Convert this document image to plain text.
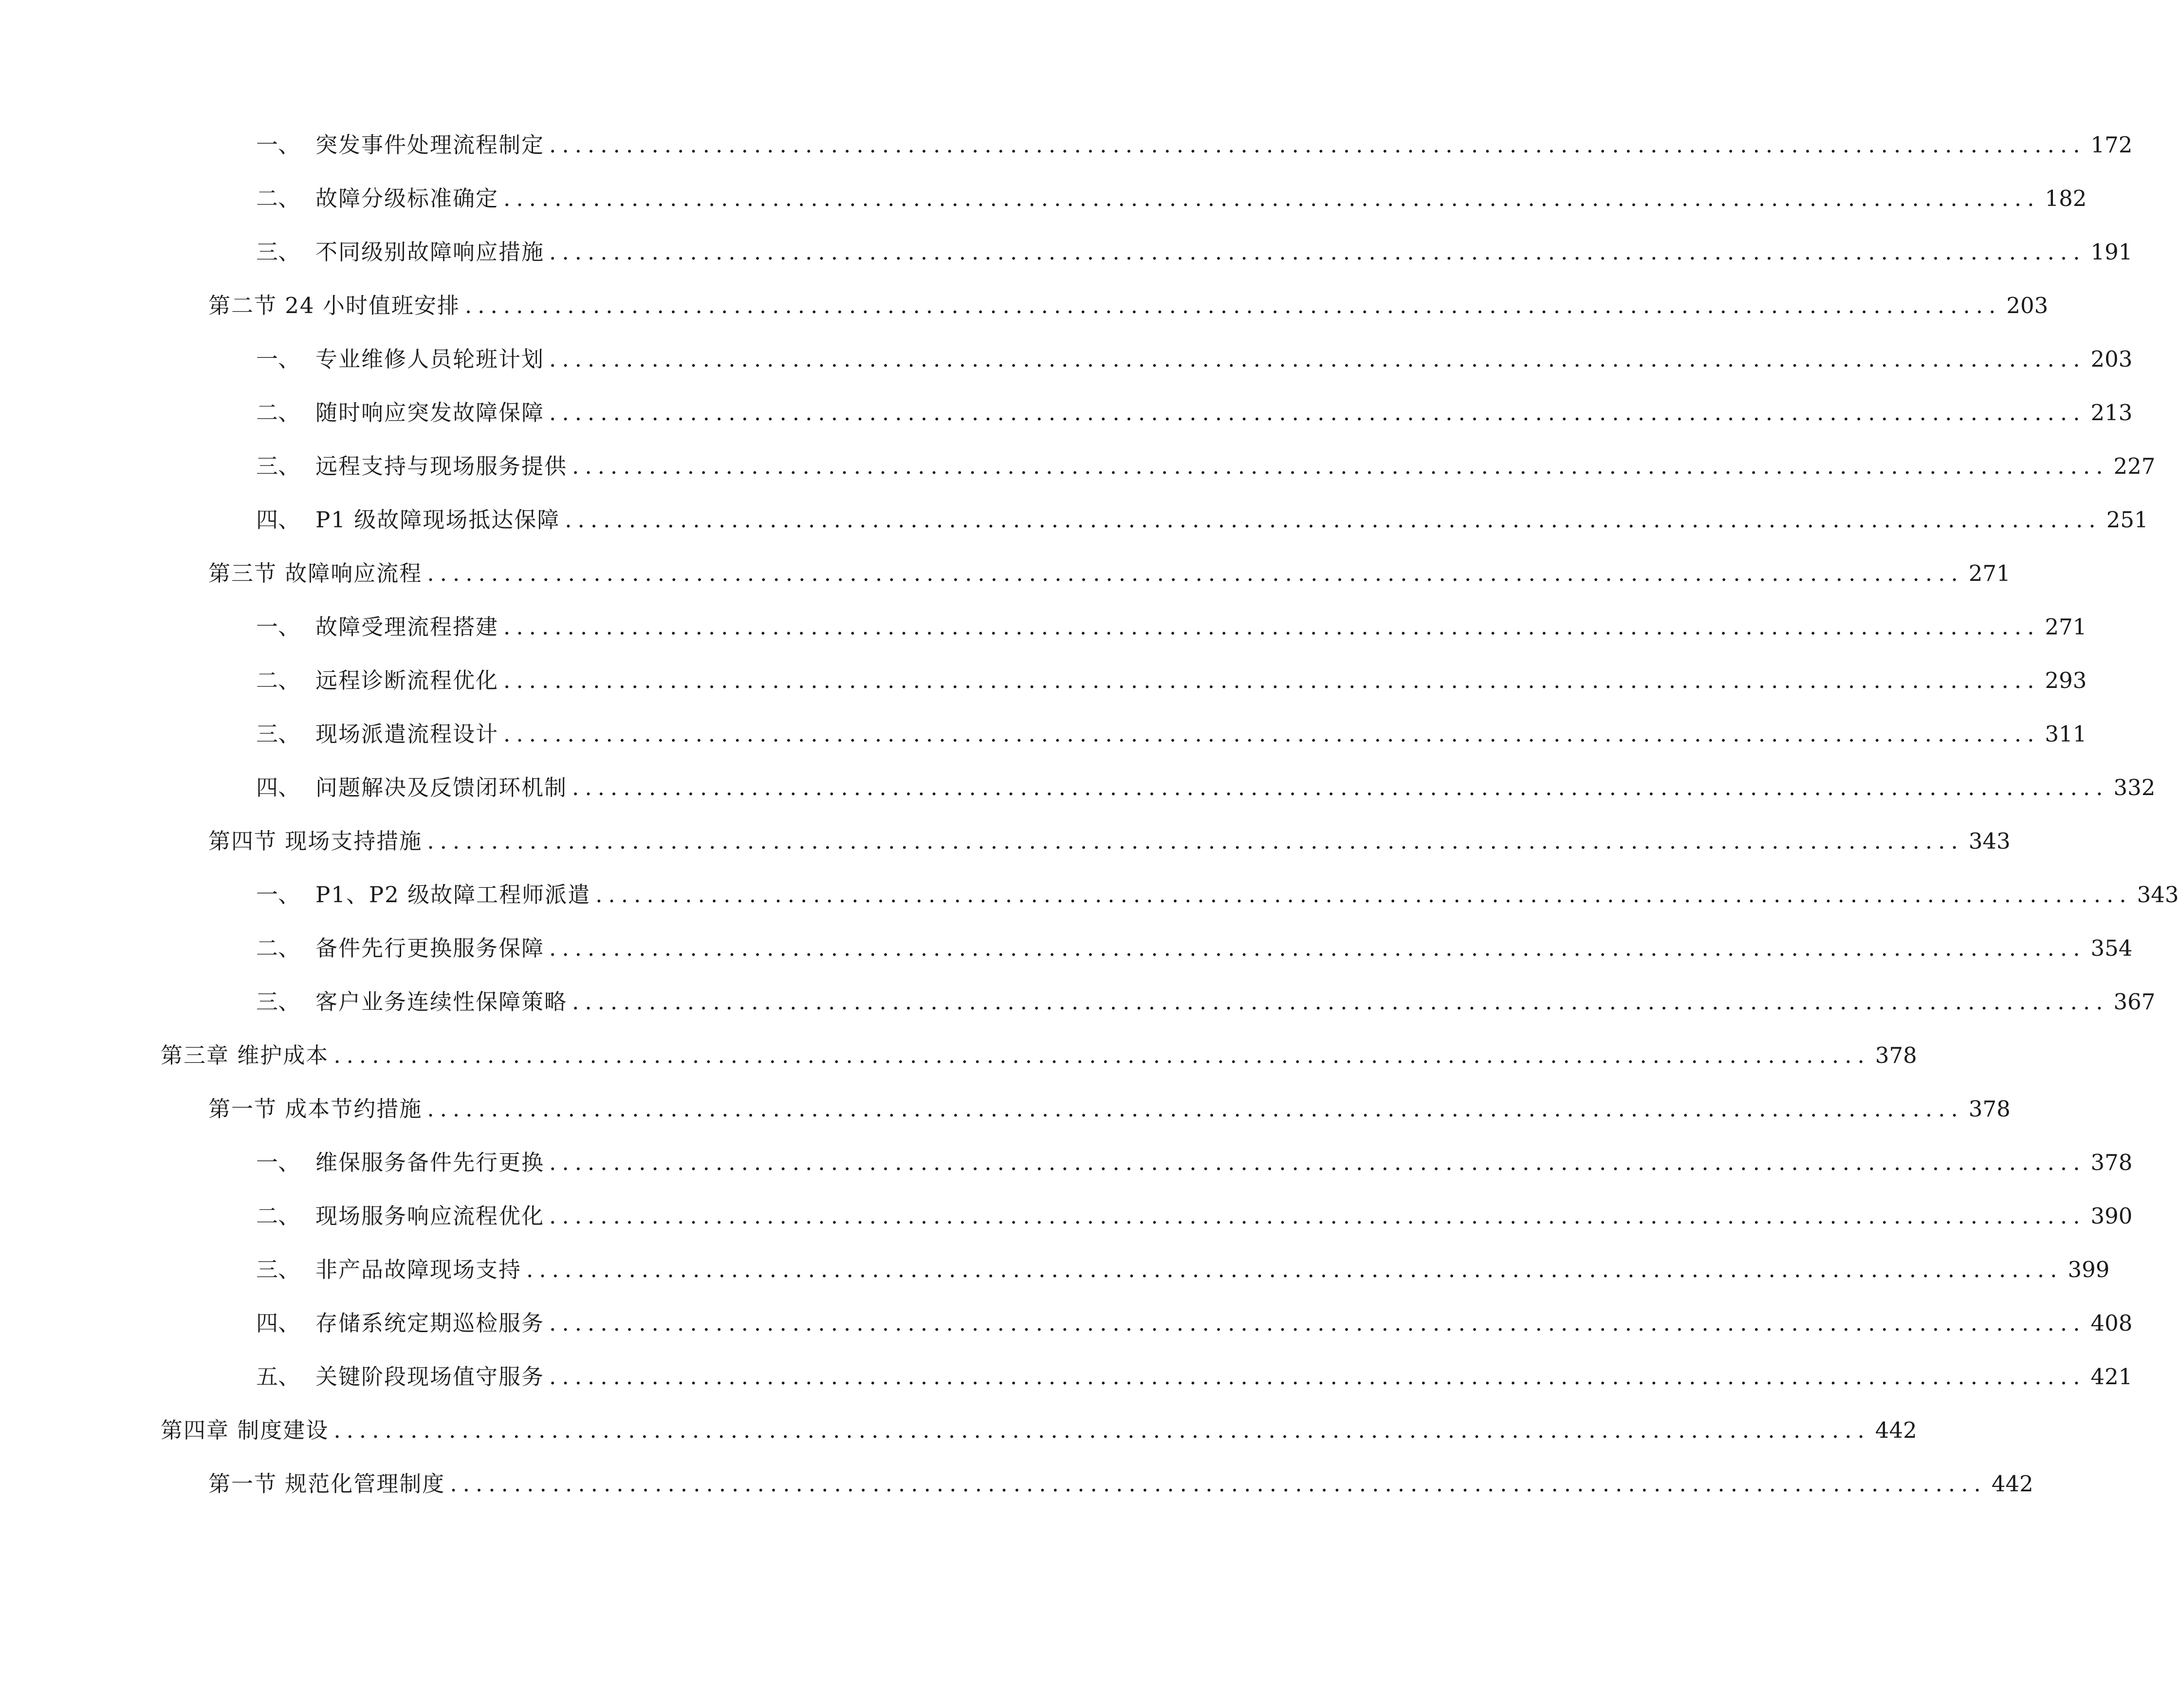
一、 突发事件处理流程制定 ........................................................................................................................ 172
二、 故障分级标准确定 ........................................................................................................................ 182
三、 不同级别故障响应措施 ........................................................................................................................ 191
第二节 24 小时值班安排 ........................................................................................................................ 203
一、 专业维修人员轮班计划 ........................................................................................................................ 203
二、 随时响应突发故障保障 ........................................................................................................................ 213
三、 远程支持与现场服务提供 ........................................................................................................................ 227
四、 P1 级故障现场抵达保障 ........................................................................................................................ 251
第三节 故障响应流程 ........................................................................................................................ 271
一、 故障受理流程搭建 ........................................................................................................................ 271
二、 远程诊断流程优化 ........................................................................................................................ 293
三、 现场派遣流程设计 ........................................................................................................................ 311
四、 问题解决及反馈闭环机制 ........................................................................................................................ 332
第四节 现场支持措施 ........................................................................................................................ 343
一、 P1、P2 级故障工程师派遣 ........................................................................................................................ 343
二、 备件先行更换服务保障 ........................................................................................................................ 354
三、 客户业务连续性保障策略 ........................................................................................................................ 367
第三章 维护成本 ........................................................................................................................ 378
第一节 成本节约措施 ........................................................................................................................ 378
一、 维保服务备件先行更换 ........................................................................................................................ 378
二、 现场服务响应流程优化 ........................................................................................................................ 390
三、 非产品故障现场支持 ........................................................................................................................ 399
四、 存储系统定期巡检服务 ........................................................................................................................ 408
五、 关键阶段现场值守服务 ........................................................................................................................ 421
第四章 制度建设 ........................................................................................................................ 442
第一节 规范化管理制度 ........................................................................................................................ 442
